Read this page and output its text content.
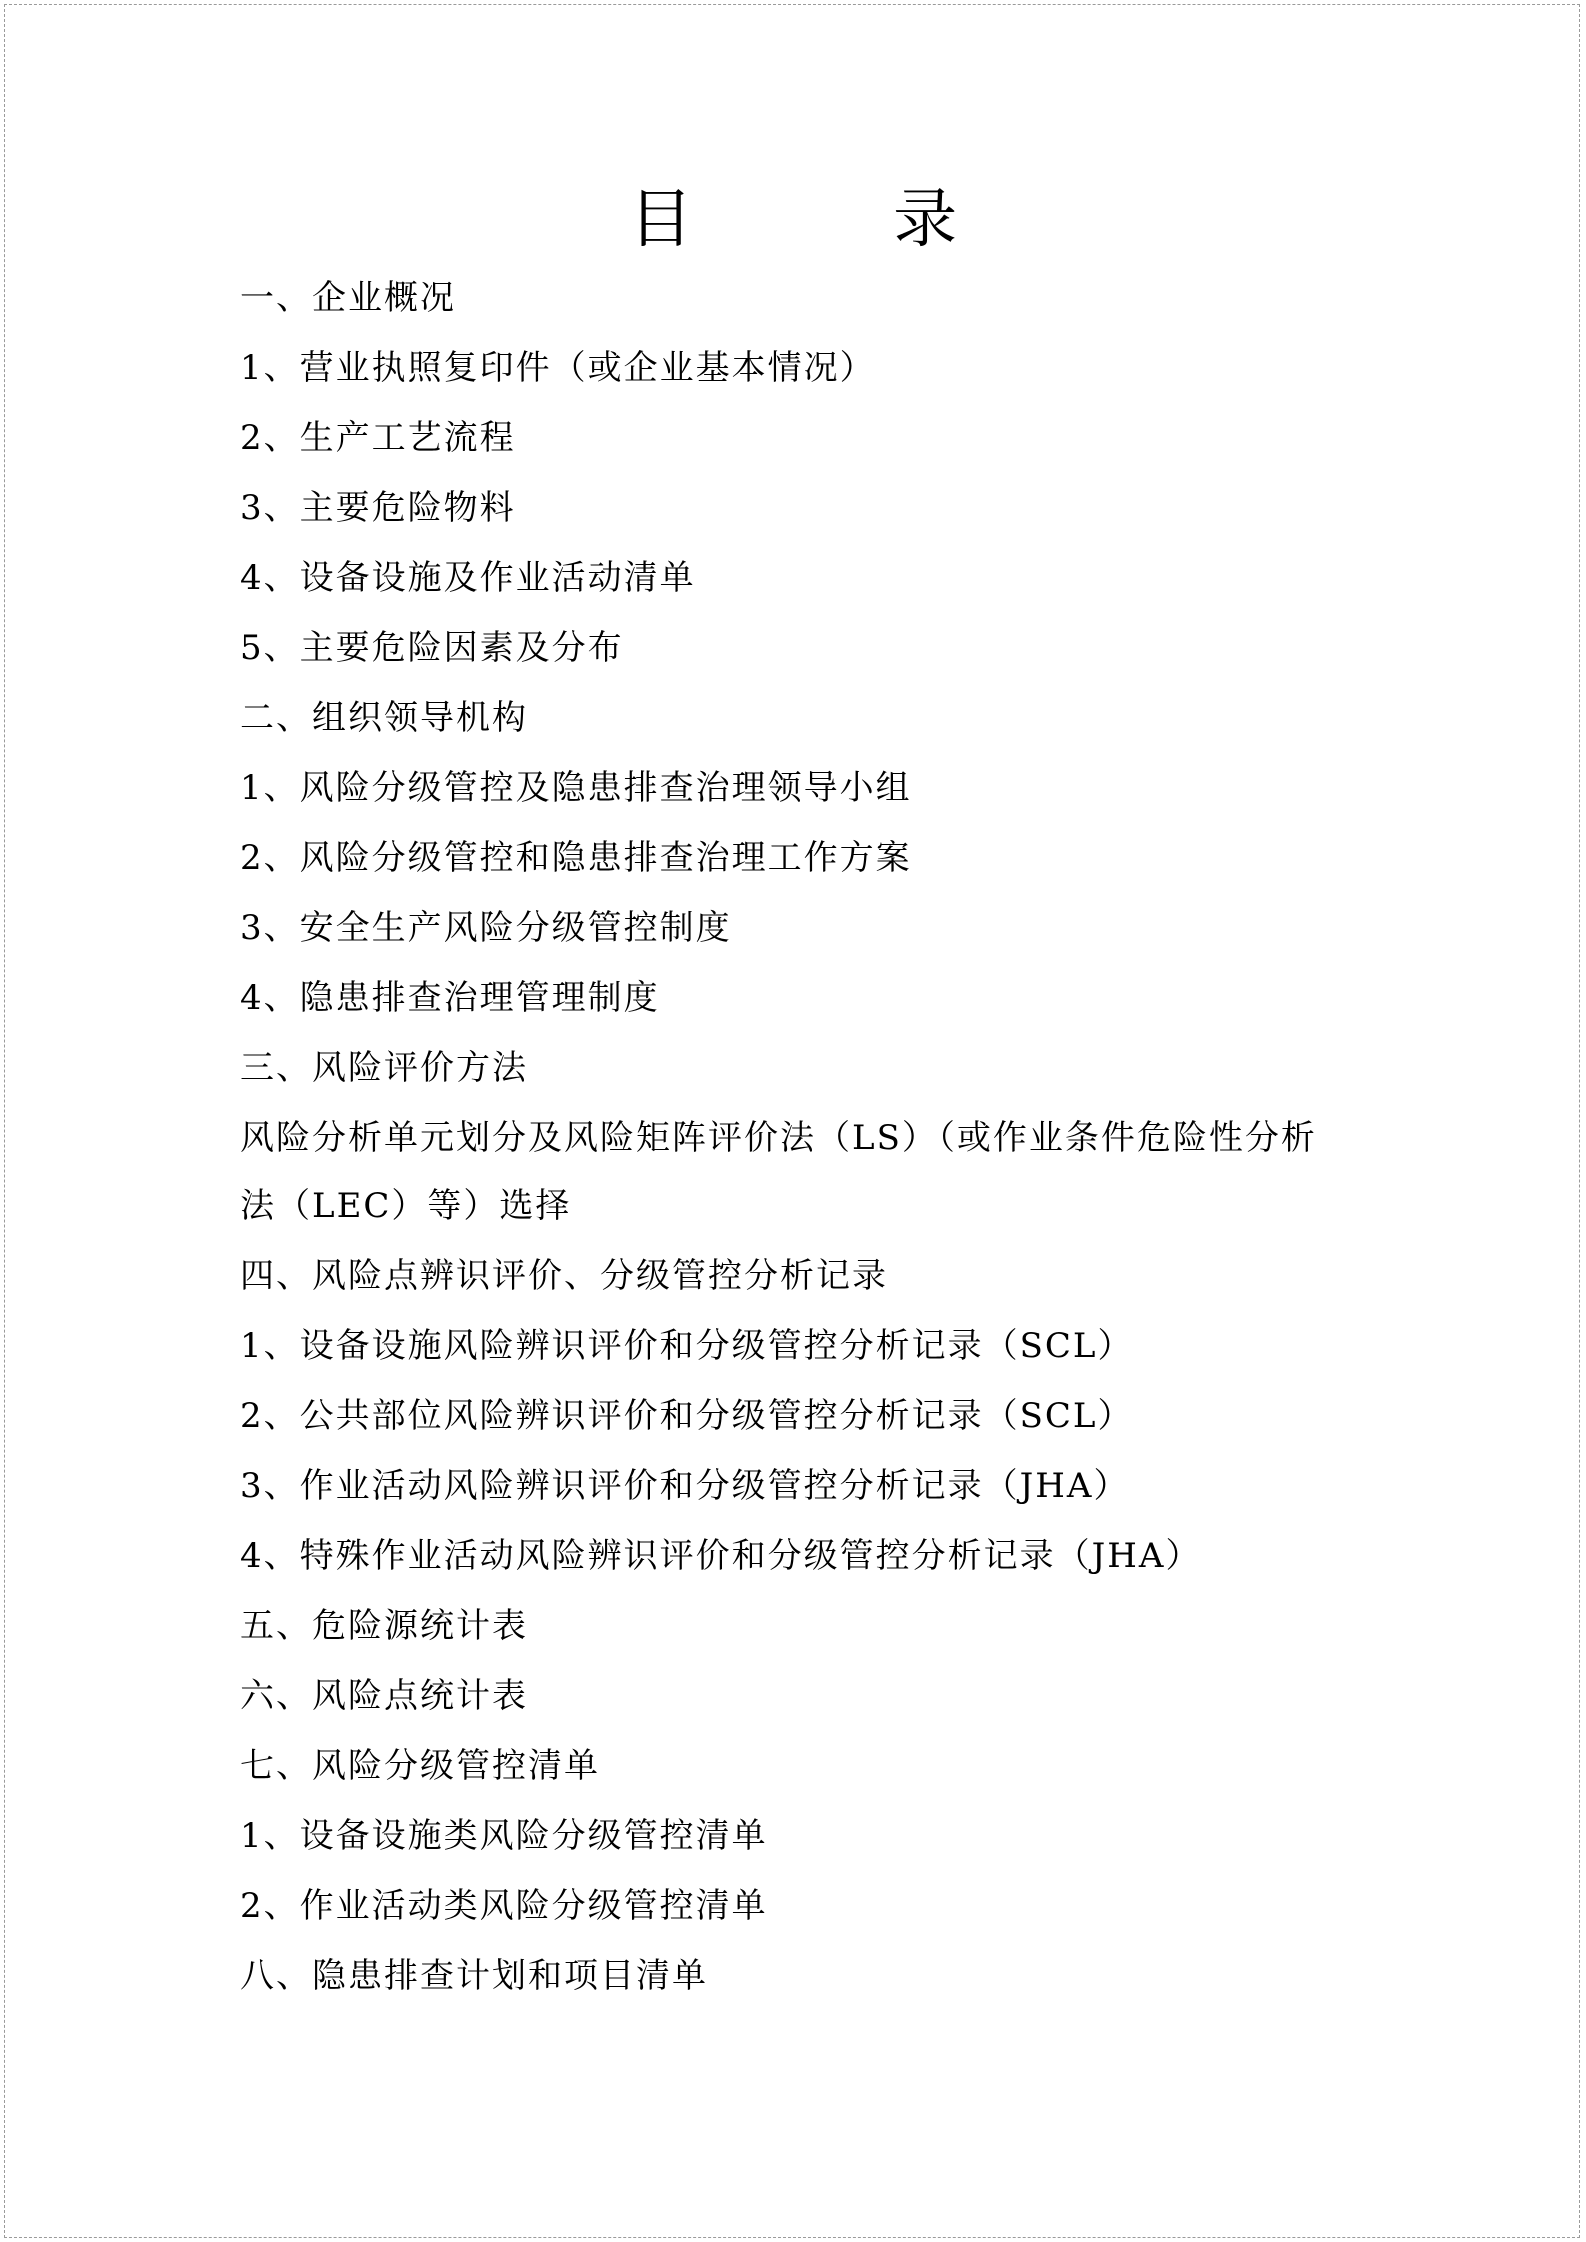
目 录
一、企业概况
1、营业执照复印件（或企业基本情况）
2、生产工艺流程
3、主要危险物料
4、设备设施及作业活动清单
5、主要危险因素及分布
二、组织领导机构
1、风险分级管控及隐患排查治理领导小组
2、风险分级管控和隐患排查治理工作方案
3、安全生产风险分级管控制度
4、隐患排查治理管理制度
三、风险评价方法
风险分析单元划分及风险矩阵评价法（LS）（或作业条件危险性分析
法（LEC）等）选择
四、风险点辨识评价、分级管控分析记录
1、设备设施风险辨识评价和分级管控分析记录（SCL）
2、公共部位风险辨识评价和分级管控分析记录（SCL）
3、作业活动风险辨识评价和分级管控分析记录（JHA）
4、特殊作业活动风险辨识评价和分级管控分析记录（JHA）
五、危险源统计表
六、风险点统计表
七、风险分级管控清单
1、设备设施类风险分级管控清单
2、作业活动类风险分级管控清单
八、隐患排查计划和项目清单
